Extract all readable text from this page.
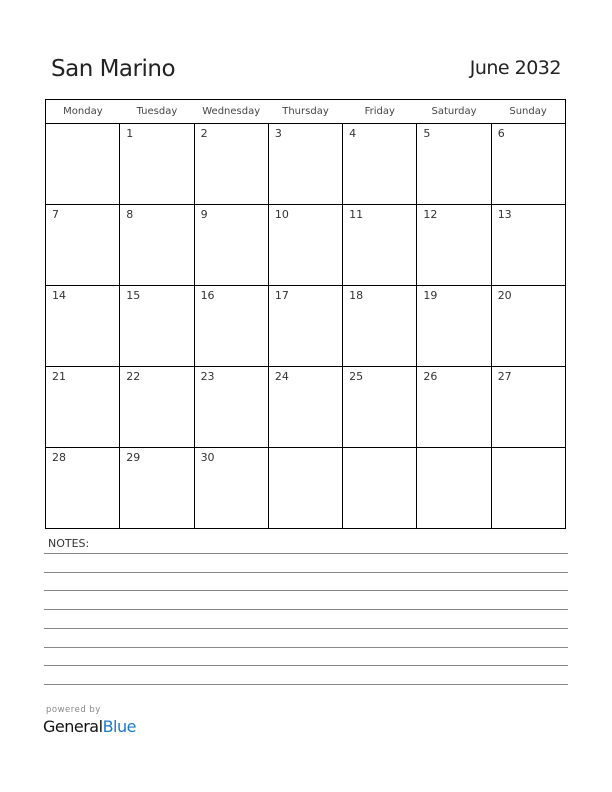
San Marino	June 2032
Monday	Tuesday	Wednesday	Thursday	Friday	Saturday	Sunday
	1	2	3	4	5	6
7	8	9	10	11	12	13
14	15	16	17	18	19	20
21	22	23	24	25	26	27
28	29	30				
NOTES:
powered by
GeneralBlue
